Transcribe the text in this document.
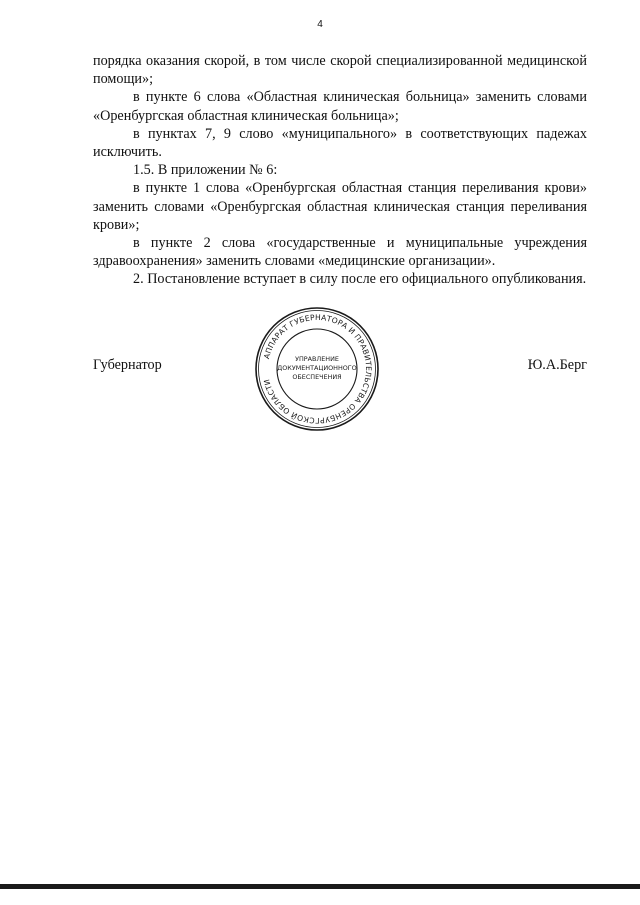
4

порядка оказания скорой, в том числе скорой специализированной медицинской помощи»;

в пункте 6 слова «Областная клиническая больница» заменить словами «Оренбургская областная клиническая больница»;

в пунктах 7, 9 слово «муниципального» в соответствующих падежах исключить.

1.5. В приложении № 6:

в пункте 1 слова «Оренбургская областная станция переливания крови» заменить словами «Оренбургская областная клиническая станция переливания крови»;

в пункте 2 слова «государственные и муниципальные учреждения здравоохранения» заменить словами «медицинские организации».

2. Постановление вступает в силу после его официального опубликования.

АППАРАТ ГУБЕРНАТОРА И ПРАВИТЕЛЬСТВА ОРЕНБУРГСКОЙ ОБЛАСТИ
УПРАВЛЕНИЕ
ДОКУМЕНТАЦИОННОГО
ОБЕСПЕЧЕНИЯ
Губернатор	Ю.А.Берг
